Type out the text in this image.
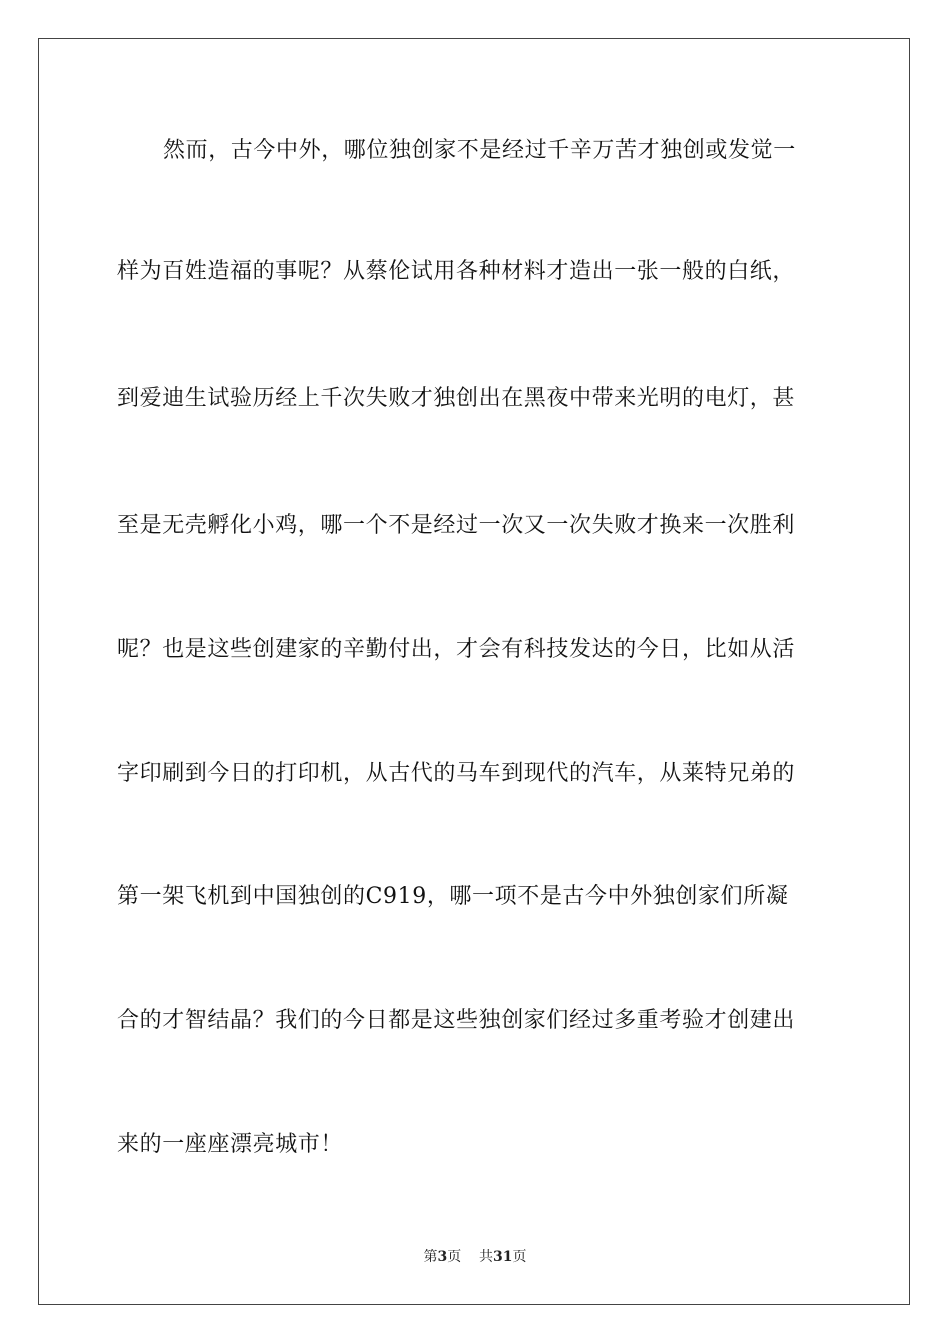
然而，古今中外，哪位独创家不是经过千辛万苦才独创或发觉一
样为百姓造福的事呢？从蔡伦试用各种材料才造出一张一般的白纸，
到爱迪生试验历经上千次失败才独创出在黑夜中带来光明的电灯，甚
至是无壳孵化小鸡，哪一个不是经过一次又一次失败才换来一次胜利
呢？也是这些创建家的辛勤付出，才会有科技发达的今日，比如从活
字印刷到今日的打印机，从古代的马车到现代的汽车，从莱特兄弟的
第一架飞机到中国独创的C919，哪一项不是古今中外独创家们所凝
合的才智结晶？我们的今日都是这些独创家们经过多重考验才创建出
来的一座座漂亮城市！
第3页 共31页
